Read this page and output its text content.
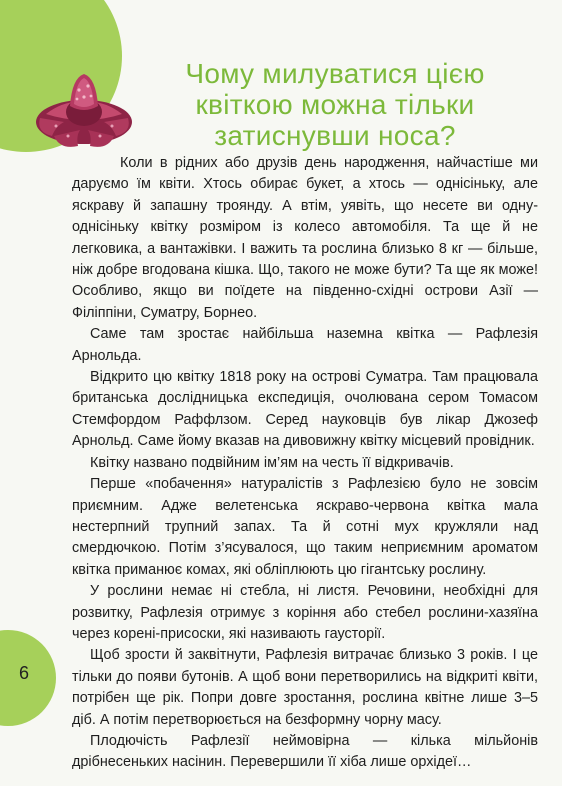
6
Чому милуватися цією квіткою можна тільки затиснувши носа?

Коли в рідних або друзів день народження, найчастіше ми даруємо їм квіти. Хтось обирає букет, а хтось — однісіньку, але яскраву й запашну троянду. А втім, уявіть, що несете ви одну-однісіньку квітку розміром із колесо автомобіля. Та ще й не легковика, а вантажівки. І важить та рослина близько 8 кг — більше, ніж добре вгодована кішка. Що, такого не може бути? Та ще як може! Особливо, якщо ви поїдете на південно-східні острови Азії — Філіппіни, Суматру, Борнео.

Саме там зростає найбільша наземна квітка — Рафлезія Арнольда.

Відкрито цю квітку 1818 року на острові Суматра. Там працювала британська дослідницька експедиція, очолювана сером Томасом Стемфордом Раффлзом. Серед науковців був лікар Джозеф Арнольд. Саме йому вказав на дивовижну квітку місцевий провідник.

Квітку названо подвійним ім’ям на честь її відкривачів.

Перше «побачення» натуралістів з Рафлезією було не зовсім приємним. Адже велетенська яскраво-червона квітка мала нестерпний трупний запах. Та й сотні мух кружляли над смердючкою. Потім з’ясувалося, що таким неприємним ароматом квітка приманює комах, які обліплюють цю гігантську рослину.

У рослини немає ні стебла, ні листя. Речовини, необхідні для розвитку, Рафлезія отримує з коріння або стебел рослини-хазяїна через корені-присоски, які називають гаусторії.

Щоб зрости й заквітнути, Рафлезія витрачає близько 3 років. І це тільки до появи бутонів. А щоб вони перетворились на відкриті квіти, потрібен ще рік. Попри довге зростання, рослина квітне лише 3–5 діб. А потім перетворюється на безформну чорну масу.

Плодючість Рафлезії неймовірна — кілька мільйонів дрібнесеньких насінин. Перевершили її хіба лише орхідеї…
